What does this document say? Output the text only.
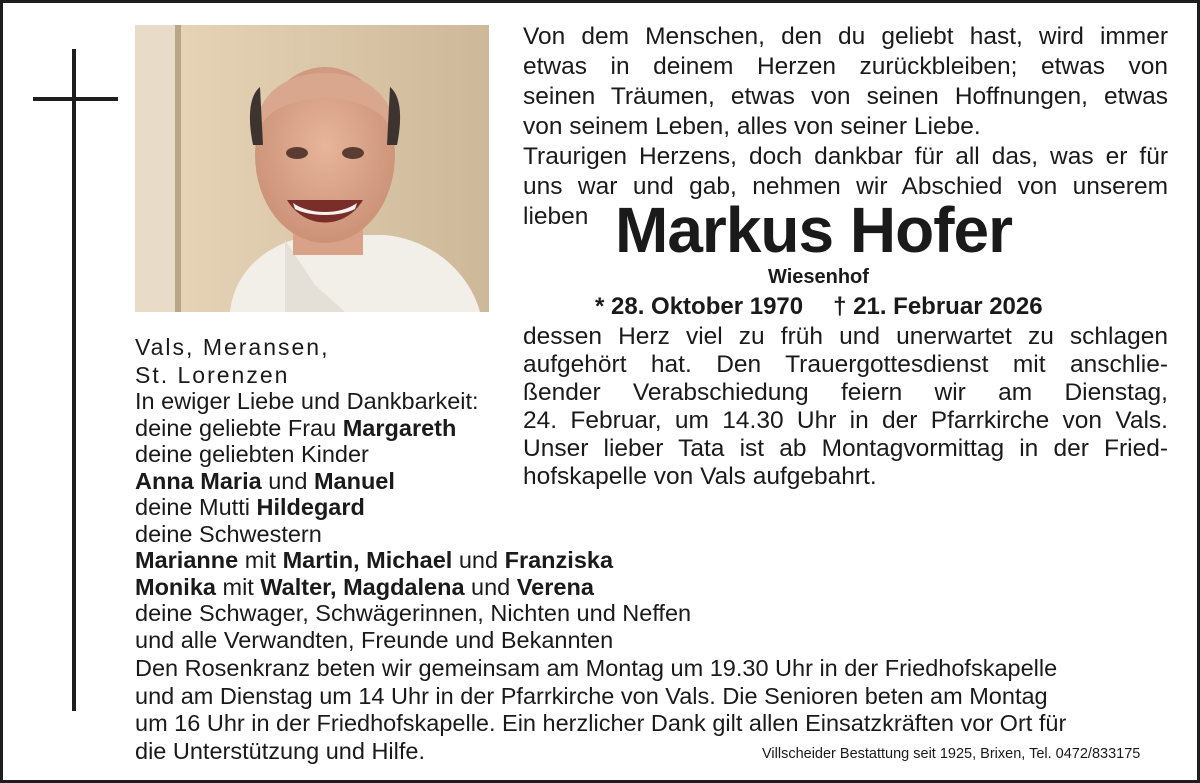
Von dem Menschen, den du geliebt hast, wird immer
etwas in deinem Herzen zurückbleiben; etwas von
seinen Träumen, etwas von seinen Hoffnungen, etwas
von seinem Leben, alles von seiner Liebe.
Traurigen Herzens, doch dankbar für all das, was er für
uns war und gab, nehmen wir Abschied von unserem
lieben Markus Hofer
Wiesenhof
* 28. Oktober 1970 † 21. Februar 2026
dessen Herz viel zu früh und unerwartet zu schlagen
aufgehört hat. Den Trauergottesdienst mit anschlie-
ßender Verabschiedung feiern wir am Dienstag,
24. Februar, um 14.30 Uhr in der Pfarrkirche von Vals.
Unser lieber Tata ist ab Montagvormittag in der Fried-
hofskapelle von Vals aufgebahrt.
Vals, Meransen,
St. Lorenzen
In ewiger Liebe und Dankbarkeit:
deine geliebte Frau Margareth
deine geliebten Kinder
Anna Maria und Manuel
deine Mutti Hildegard
deine Schwestern
Marianne mit Martin, Michael und Franziska
Monika mit Walter, Magdalena und Verena
deine Schwager, Schwägerinnen, Nichten und Neffen
und alle Verwandten, Freunde und Bekannten
Den Rosenkranz beten wir gemeinsam am Montag um 19.30 Uhr in der Friedhofskapelle
und am Dienstag um 14 Uhr in der Pfarrkirche von Vals. Die Senioren beten am Montag
um 16 Uhr in der Friedhofskapelle. Ein herzlicher Dank gilt allen Einsatzkräften vor Ort für
die Unterstützung und Hilfe.	Villscheider Bestattung seit 1925, Brixen, Tel. 0472/833175
